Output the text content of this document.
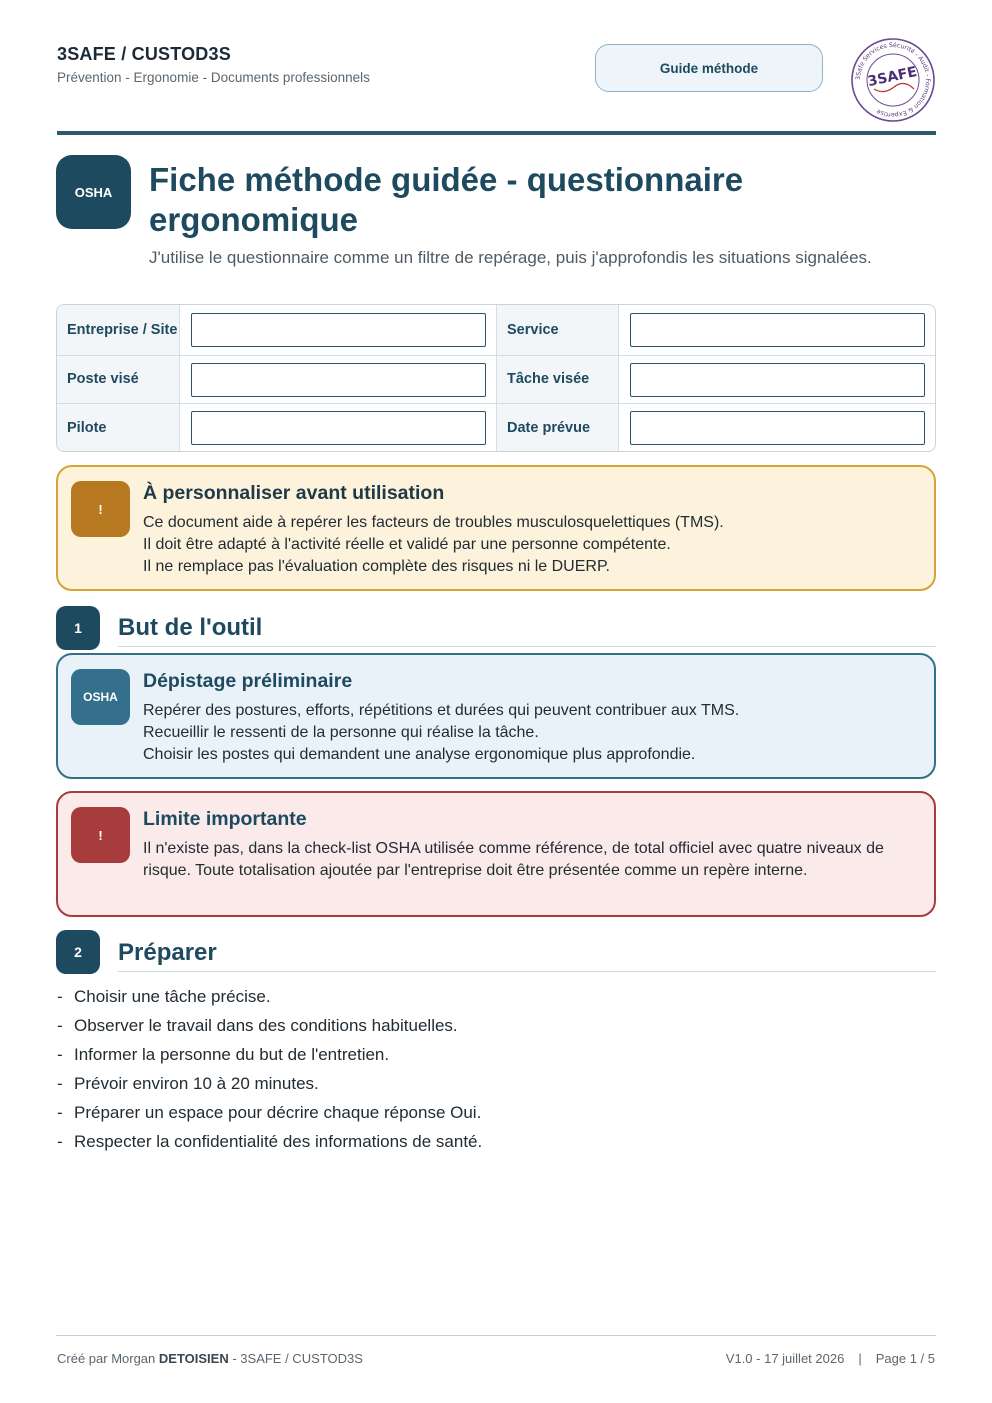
3SAFE / CUSTOD3S
Prévention - Ergonomie - Documents professionnels
Guide méthode
3Safe Services Sécurité - Audit - Formation & Expertise
3SAFE
OSHA	Fiche méthode guidée - questionnaire ergonomique
J'utilise le questionnaire comme un filtre de repérage, puis j'approfondis les situations signalées.
Entreprise / Site	Service
Poste visé	Tâche visée
Pilote	Date prévue
!
À personnaliser avant utilisation
Ce document aide à repérer les facteurs de troubles musculosquelettiques (TMS).
Il doit être adapté à l'activité réelle et validé par une personne compétente.
Il ne remplace pas l'évaluation complète des risques ni le DUERP.
1	But de l'outil
OSHA
Dépistage préliminaire
Repérer des postures, efforts, répétitions et durées qui peuvent contribuer aux TMS.
Recueillir le ressenti de la personne qui réalise la tâche.
Choisir les postes qui demandent une analyse ergonomique plus approfondie.
!
Limite importante
Il n'existe pas, dans la check-list OSHA utilisée comme référence, de total officiel avec quatre niveaux de risque. Toute totalisation ajoutée par l'entreprise doit être présentée comme un repère interne.
2	Préparer
- Choisir une tâche précise.
- Observer le travail dans des conditions habituelles.
- Informer la personne du but de l'entretien.
- Prévoir environ 10 à 20 minutes.
- Préparer un espace pour décrire chaque réponse Oui.
- Respecter la confidentialité des informations de santé.
Créé par Morgan DETOISIEN - 3SAFE / CUSTOD3S	V1.0 - 17 juillet 2026 | Page 1 / 5
